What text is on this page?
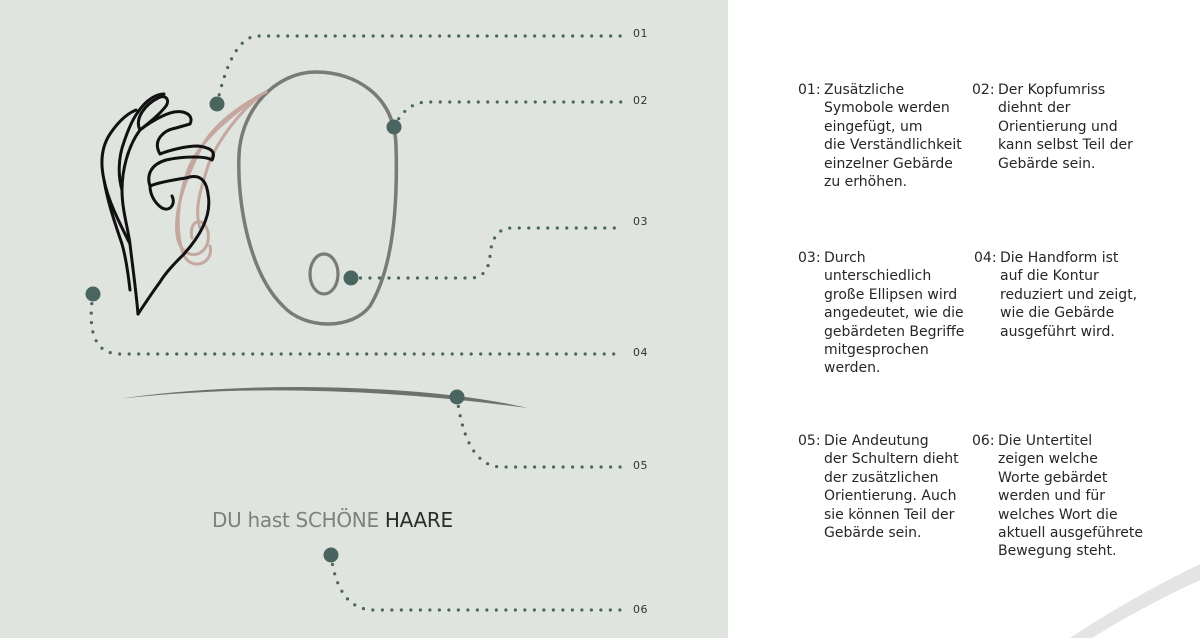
01
02
03
04
05
06
DU hast SCHÖNE HAARE
01: Zusätzliche
Symobole werden
eingefügt, um
die Verständlichkeit
einzelner Gebärde
zu erhöhen.
02: Der Kopfumriss
diehnt der
Orientierung und
kann selbst Teil der
Gebärde sein.
03: Durch
unterschiedlich
große Ellipsen wird
angedeutet, wie die
gebärdeten Begriffe
mitgesprochen
werden.
04: Die Handform ist
auf die Kontur
reduziert und zeigt,
wie die Gebärde
ausgeführt wird.
05: Die Andeutung
der Schultern dieht
der zusätzlichen
Orientierung. Auch
sie können Teil der
Gebärde sein.
06: Die Untertitel
zeigen welche
Worte gebärdet
werden und für
welches Wort die
aktuell ausgeführete
Bewegung steht.
